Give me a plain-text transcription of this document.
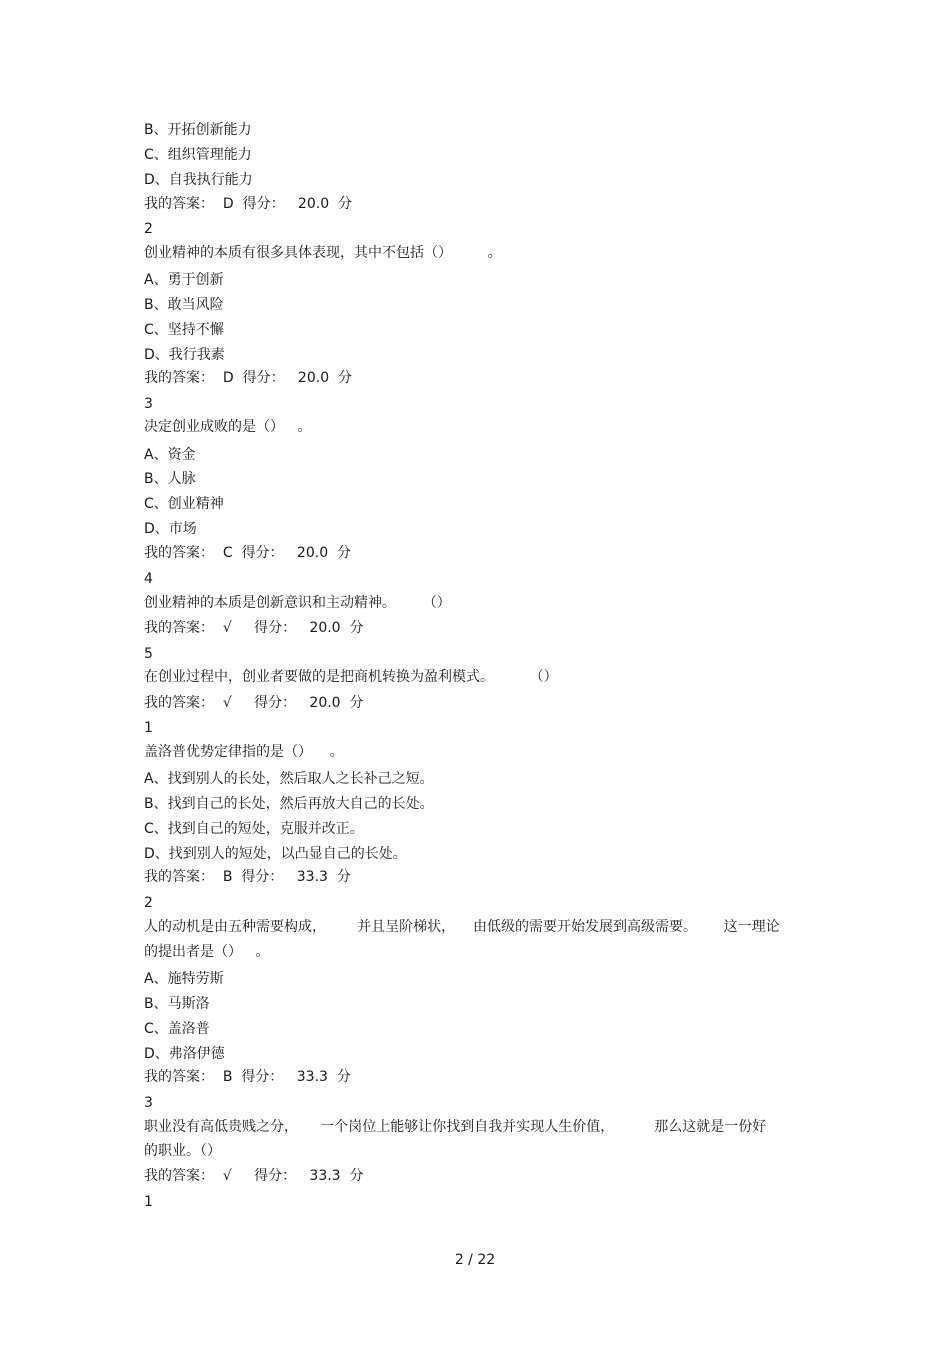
B、开拓创新能力
C、组织管理能力
D、自我执行能力
我的答案：  D  得分：   20.0  分
2
创业精神的本质有很多具体表现，其中不包括（）        。
A、勇于创新
B、敢当风险
C、坚持不懈
D、我行我素
我的答案：  D  得分：   20.0  分
3
决定创业成败的是（）   。
A、资金
B、人脉
C、创业精神
D、市场
我的答案：  C  得分：   20.0  分
4
创业精神的本质是创新意识和主动精神。      （）
我的答案：  √     得分：   20.0  分
5
在创业过程中，创业者要做的是把商机转换为盈利模式。        （）
我的答案：  √     得分：   20.0  分
1
盖洛普优势定律指的是（）    。
A、找到别人的长处，然后取人之长补己之短。
B、找到自己的长处，然后再放大自己的长处。
C、找到自己的短处，克服并改正。
D、找到别人的短处，以凸显自己的长处。
我的答案：  B  得分：   33.3  分
2
人的动机是由五种需要构成，       并且呈阶梯状，    由低级的需要开始发展到高级需要。      这一理论
的提出者是（）   。
A、施特劳斯
B、马斯洛
C、盖洛普
D、弗洛伊德
我的答案：  B  得分：   33.3  分
3
职业没有高低贵贱之分，     一个岗位上能够让你找到自我并实现人生价值，         那么这就是一份好
的职业。（）
我的答案：  √     得分：   33.3  分
1
2 / 22
